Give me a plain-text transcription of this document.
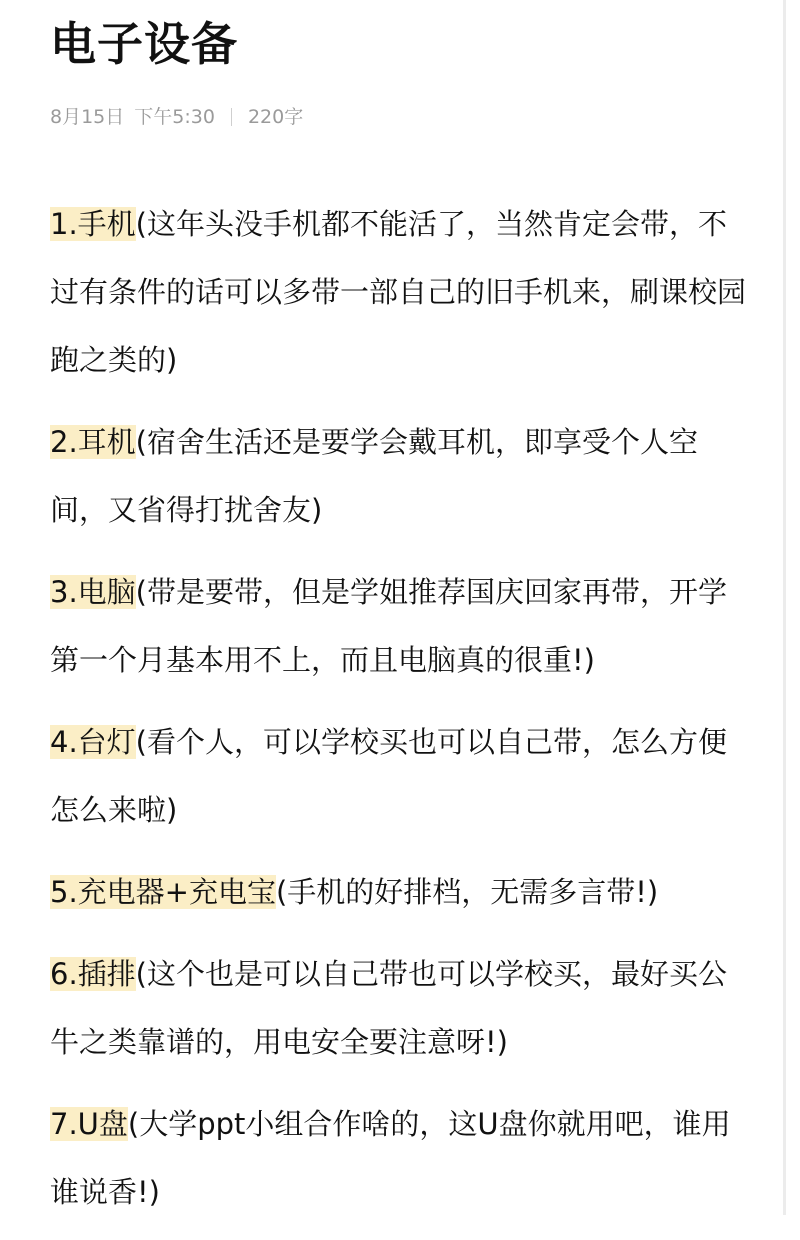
电子设备
8月15日 下午5:30 220字
1.手机(这年头没手机都不能活了，当然肯定会带，不过有条件的话可以多带一部自己的旧手机来，刷课校园跑之类的)
2.耳机(宿舍生活还是要学会戴耳机，即享受个人空间，又省得打扰舍友)
3.电脑(带是要带，但是学姐推荐国庆回家再带，开学第一个月基本用不上，而且电脑真的很重!)
4.台灯(看个人，可以学校买也可以自己带，怎么方便怎么来啦)
5.充电器+充电宝(手机的好排档，无需多言带!)
6.插排(这个也是可以自己带也可以学校买，最好买公牛之类靠谱的，用电安全要注意呀!)
7.U盘(大学ppt小组合作啥的，这U盘你就用吧，谁用谁说香!)
